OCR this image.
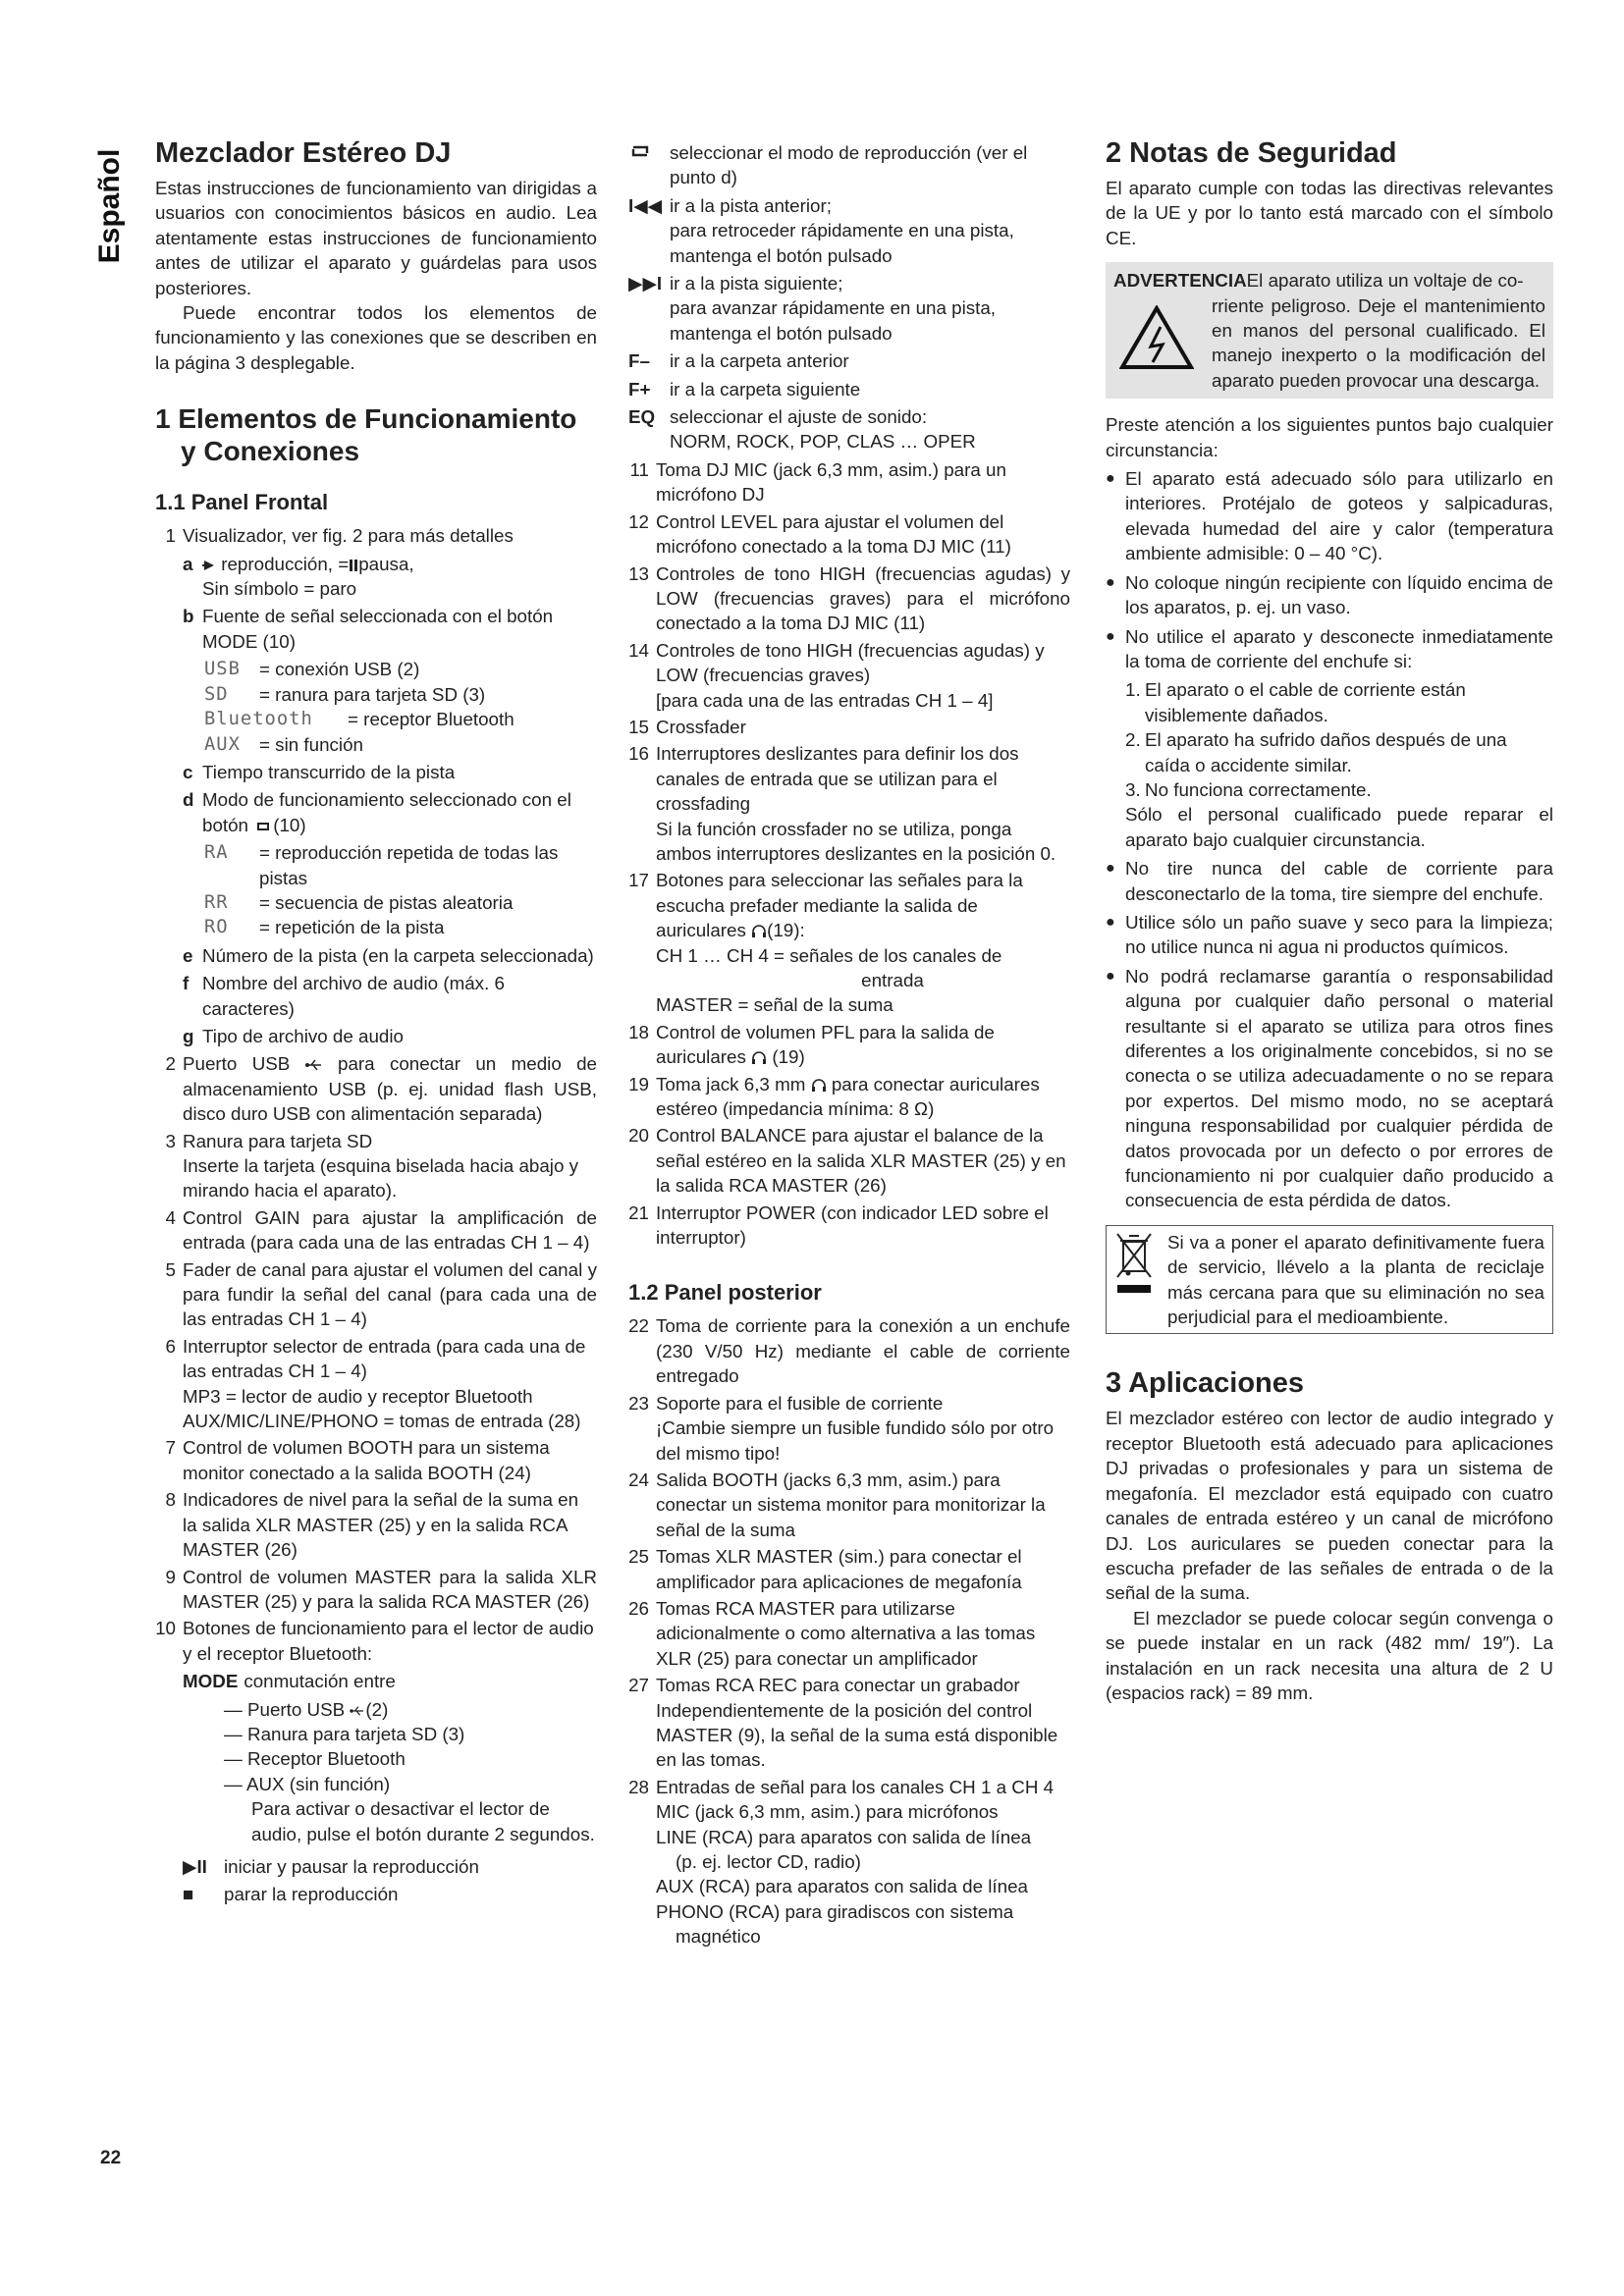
Español Mezclador Estéreo DJ

Estas instrucciones de funcionamiento van dirigidas a usuarios con conocimientos básicos en audio. Lea atentamente estas instrucciones de funcionamiento antes de utilizar el aparato y guárdelas para usos posteriores.

Puede encontrar todos los elementos de funcionamiento y las conexiones que se describen en la página 3 desplegable.

1 Elementos de Funcionamiento y Conexiones
1.1 Panel Frontal
1 Visualizador, ver fig. 2 para más detalles
a	reproducción, = pausa,
Sin símbolo = paro
b Fuente de señal seleccionada con el botón MODE (10)
USB	= conexión USB (2)
SD	= ranura para tarjeta SD (3)
Bluetooth	= receptor Bluetooth
AUX	= sin función
c Tiempo transcurrido de la pista
d Modo de funcionamiento seleccionado con el botón (10)
RA	= reproducción repetida de todas las pistas
RR	= secuencia de pistas aleatoria
RO	= repetición de la pista
e Número de la pista (en la carpeta seleccionada)
f Nombre del archivo de audio (máx. 6 caracteres)
g Tipo de archivo de audio
2 Puerto USB	para conectar un medio de almacenamiento USB (p. ej. unidad flash USB, disco duro USB con alimentación separada)
3 Ranura para tarjeta SD
Inserte la tarjeta (esquina biselada hacia abajo y mirando hacia el aparato).
4 Control GAIN para ajustar la amplificación de entrada (para cada una de las entradas CH 1 – 4)
5 Fader de canal para ajustar el volumen del canal y para fundir la señal del canal (para cada una de las entradas CH 1 – 4)
6 Interruptor selector de entrada (para cada una de las entradas CH 1 – 4)
MP3 = lector de audio y receptor Bluetooth
AUX/MIC/LINE/PHONO = tomas de entrada (28)
7 Control de volumen BOOTH para un sistema monitor conectado a la salida BOOTH (24)
8 Indicadores de nivel para la señal de la suma en la salida XLR MASTER (25) y en la salida RCA MASTER (26)
9 Control de volumen MASTER para la salida XLR MASTER (25) y para la salida RCA MASTER (26)
10 Botones de funcionamiento para el lector de audio y el receptor Bluetooth:
MODE conmutación entre
— Puerto USB (2)
— Ranura para tarjeta SD (3)
— Receptor Bluetooth
— AUX (sin función)
Para activar o desactivar el lector de audio, pulse el botón durante 2 segundos.
▶II iniciar y pausar la reproducción
■	parar la reproducción
seleccionar el modo de reproducción (ver el punto d)
I◀◀ ir a la pista anterior;
para retroceder rápidamente en una pista, mantenga el botón pulsado
▶▶I ir a la pista siguiente;
para avanzar rápidamente en una pista, mantenga el botón pulsado
F–	ir a la carpeta anterior
F+	ir a la carpeta siguiente
EQ seleccionar el ajuste de sonido:
NORM, ROCK, POP, CLAS … OPER
11 Toma DJ MIC (jack 6,3 mm, asim.) para un micrófono DJ
12 Control LEVEL para ajustar el volumen del micrófono conectado a la toma DJ MIC (11)
13 Controles de tono HIGH (frecuencias agudas) y LOW (frecuencias graves) para el micrófono conectado a la toma DJ MIC (11)
14 Controles de tono HIGH (frecuencias agudas) y LOW (frecuencias graves)
[para cada una de las entradas CH 1 – 4]
15 Crossfader
16 Interruptores deslizantes para definir los dos canales de entrada que se utilizan para el crossfading
Si la función crossfader no se utiliza, ponga ambos interruptores deslizantes en la posición 0.
17 Botones para seleccionar las señales para la escucha prefader mediante la salida de auriculares (19):
CH 1 … CH 4 = señales de los canales de

entrada
MASTER = señal de la suma
18 Control de volumen PFL para la salida de auriculares (19)
19 Toma jack 6,3 mm para conectar auriculares estéreo (impedancia mínima: 8 Ω)
20 Control BALANCE para ajustar el balance de la señal estéreo en la salida XLR MASTER (25) y en la salida RCA MASTER (26)
21 Interruptor POWER (con indicador LED sobre el interruptor)
1.2 Panel posterior
22 Toma de corriente para la conexión a un enchufe (230 V/50 Hz) mediante el cable de corriente entregado
23 Soporte para el fusible de corriente
¡Cambie siempre un fusible fundido sólo por otro del mismo tipo!
24 Salida BOOTH (jacks 6,3 mm, asim.) para conectar un sistema monitor para monitorizar la señal de la suma
25 Tomas XLR MASTER (sim.) para conectar el amplificador para aplicaciones de megafonía
26 Tomas RCA MASTER para utilizarse adicionalmente o como alternativa a las tomas XLR (25) para conectar un amplificador
27 Tomas RCA REC para conectar un grabador Independientemente de la posición del control MASTER (9), la señal de la suma está disponible en las tomas.
28 Entradas de señal para los canales CH 1 a CH 4
MIC (jack 6,3 mm, asim.) para micrófonos
LINE (RCA) para aparatos con salida de línea
(p. ej. lector CD, radio)
AUX (RCA) para aparatos con salida de línea
PHONO (RCA) para giradiscos con sistema
magnético
2 Notas de Seguridad

El aparato cumple con todas las directivas relevantes de la UE y por lo tanto está marcado con el símbolo CE.

ADVERTENCIAEl aparato utiliza un voltaje de co-
rriente peligroso. Deje el mantenimiento en manos del personal cualificado. El manejo inexperto o la modificación del aparato pueden provocar una descarga.

Preste atención a los siguientes puntos bajo cualquier circunstancia:

● El aparato está adecuado sólo para utilizarlo en interiores. Protéjalo de goteos y salpicaduras, elevada humedad del aire y calor (temperatura ambiente admisible: 0 – 40 °C).
● No coloque ningún recipiente con líquido encima de los aparatos, p. ej. un vaso.
● No utilice el aparato y desconecte inmediatamente la toma de corriente del enchufe si:
1. El aparato o el cable de corriente están visiblemente dañados.
2. El aparato ha sufrido daños después de una caída o accidente similar.
3. No funciona correctamente.
Sólo el personal cualificado puede reparar el aparato bajo cualquier circunstancia.
● No tire nunca del cable de corriente para desconectarlo de la toma, tire siempre del enchufe.
● Utilice sólo un paño suave y seco para la limpieza; no utilice nunca ni agua ni productos químicos.
● No podrá reclamarse garantía o responsabilidad alguna por cualquier daño personal o material resultante si el aparato se utiliza para otros fines diferentes a los originalmente concebidos, si no se conecta o se utiliza adecuadamente o no se repara por expertos. Del mismo modo, no se aceptará ninguna responsabilidad por cualquier pérdida de datos provocada por un defecto o por errores de funcionamiento ni por cualquier daño producido a consecuencia de esta pérdida de datos.
Si va a poner el aparato definitivamente fuera de servicio, llévelo a la planta de reciclaje más cercana para que su eliminación no sea perjudicial para el medioambiente.
3 Aplicaciones

El mezclador estéreo con lector de audio integrado y receptor Bluetooth está adecuado para aplicaciones DJ privadas o profesionales y para un sistema de megafonía. El mezclador está equipado con cuatro canales de entrada estéreo y un canal de micrófono DJ. Los auriculares se pueden conectar para la escucha prefader de las señales de entrada o de la señal de la suma.

El mezclador se puede colocar según convenga o se puede instalar en un rack (482 mm/ 19″). La instalación en un rack necesita una altura de 2 U (espacios rack) = 89 mm.

22
